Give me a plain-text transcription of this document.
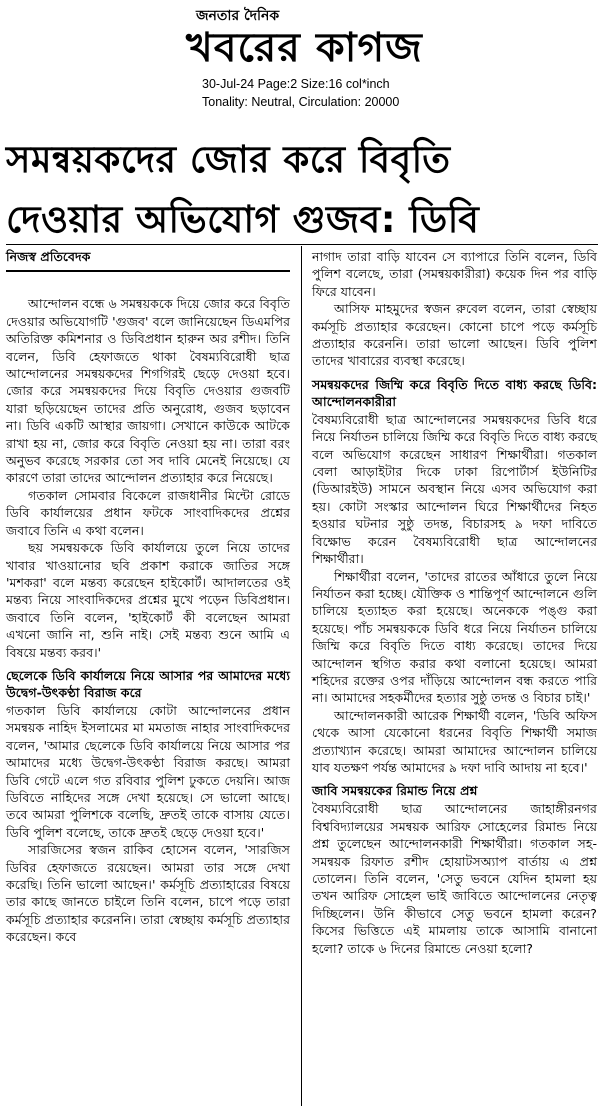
জনতার দৈনিক
খবরের কাগজ
30-Jul-24 Page:2 Size:16 col*inch
Tonality: Neutral, Circulation: 20000
সমন্বয়কদের জোর করে বিবৃতি
দেওয়ার অভিযোগ গুজব: ডিবি
নিজস্ব প্রতিবেদক

আন্দোলন বন্ধে ৬ সমন্বয়ককে দিয়ে জোর করে বিবৃতি দেওয়ার অভিযোগটি 'গুজব' বলে জানিয়েছেন ডিএমপির অতিরিক্ত কমিশনার ও ডিবিপ্রধান হারুন অর রশীদ। তিনি বলেন, ডিবি হেফাজতে থাকা বৈষম্যবিরোধী ছাত্র আন্দোলনের সমন্বয়কদের শিগগিরই ছেড়ে দেওয়া হবে। জোর করে সমন্বয়কদের দিয়ে বিবৃতি দেওয়ার গুজবটি যারা ছড়িয়েছেন তাদের প্রতি অনুরোধ, গুজব ছড়াবেন না। ডিবি একটি আস্থার জায়গা। সেখানে কাউকে আটকে রাখা হয় না, জোর করে বিবৃতি নেওয়া হয় না। তারা বরং অনুভব করেছে সরকার তো সব দাবি মেনেই নিয়েছে। যে কারণে তারা তাদের আন্দোলন প্রত্যাহার করে নিয়েছে।

গতকাল সোমবার বিকেলে রাজধানীর মিন্টো রোডে ডিবি কার্যালয়ের প্রধান ফটকে সাংবাদিকদের প্রশ্নের জবাবে তিনি এ কথা বলেন।

ছয় সমন্বয়ককে ডিবি কার্যালয়ে তুলে নিয়ে তাদের খাবার খাওয়ানোর ছবি প্রকাশ করাকে জাতির সঙ্গে 'মশকরা' বলে মন্তব্য করেছেন হাইকোর্ট। আদালতের ওই মন্তব্য নিয়ে সাংবাদিকদের প্রশ্নের মুখে পড়েন ডিবিপ্রধান। জবাবে তিনি বলেন, 'হাইকোর্ট কী বলেছেন আমরা এখনো জানি না, শুনি নাই। সেই মন্তব্য শুনে আমি এ বিষয়ে মন্তব্য করব।'

ছেলেকে ডিবি কার্যালয়ে নিয়ে আসার পর আমাদের মধ্যে উদ্বেগ-উৎকণ্ঠা বিরাজ করে

গতকাল ডিবি কার্যালয়ে কোটা আন্দোলনের প্রধান সমন্বয়ক নাহিদ ইসলামের মা মমতাজ নাহার সাংবাদিকদের বলেন, 'আমার ছেলেকে ডিবি কার্যালয়ে নিয়ে আসার পর আমাদের মধ্যে উদ্বেগ-উৎকণ্ঠা বিরাজ করছে। আমরা ডিবি গেটে এলে গত রবিবার পুলিশ ঢুকতে দেয়নি। আজ ডিবিতে নাহিদের সঙ্গে দেখা হয়েছে। সে ভালো আছে। তবে আমরা পুলিশকে বলেছি, দ্রুতই তাকে বাসায় যেতে। ডিবি পুলিশ বলেছে, তাকে দ্রুতই ছেড়ে দেওয়া হবে।'

সারজিসের স্বজন রাকিব হোসেন বলেন, 'সারজিস ডিবির হেফাজতে রয়েছেন। আমরা তার সঙ্গে দেখা করেছি। তিনি ভালো আছেন।' কর্মসূচি প্রত্যাহারের বিষয়ে তার কাছে জানতে চাইলে তিনি বলেন, চাপে পড়ে তারা কর্মসূচি প্রত্যাহার করেননি। তারা স্বেচ্ছায় কর্মসূচি প্রত্যাহার করেছেন। কবে

নাগাদ তারা বাড়ি যাবেন সে ব্যাপারে তিনি বলেন, ডিবি পুলিশ বলেছে, তারা (সমন্বয়কারীরা) কয়েক দিন পর বাড়ি ফিরে যাবেন।

আসিফ মাহমুদের স্বজন রুবেল বলেন, তারা স্বেচ্ছায় কর্মসূচি প্রত্যাহার করেছেন। কোনো চাপে পড়ে কর্মসূচি প্রত্যাহার করেননি। তারা ভালো আছেন। ডিবি পুলিশ তাদের খাবারের ব্যবস্থা করেছে।

সমন্বয়কদের জিম্মি করে বিবৃতি দিতে বাধ্য করছে ডিবি: আন্দোলনকারীরা

বৈষম্যবিরোধী ছাত্র আন্দোলনের সমন্বয়কদের ডিবি ধরে নিয়ে নির্যাতন চালিয়ে জিম্মি করে বিবৃতি দিতে বাধ্য করছে বলে অভিযোগ করেছেন সাধারণ শিক্ষার্থীরা। গতকাল বেলা আড়াইটার দিকে ঢাকা রিপোর্টার্স ইউনিটির (ডিআরইউ) সামনে অবস্থান নিয়ে এসব অভিযোগ করা হয়। কোটা সংস্কার আন্দোলন ঘিরে শিক্ষার্থীদের নিহত হওয়ার ঘটনার সুষ্ঠু তদন্ত, বিচারসহ ৯ দফা দাবিতে বিক্ষোভ করেন বৈষম্যবিরোধী ছাত্র আন্দোলনের শিক্ষার্থীরা।

শিক্ষার্থীরা বলেন, 'তাদের রাতের আঁধারে তুলে নিয়ে নির্যাতন করা হচ্ছে। যৌক্তিক ও শান্তিপূর্ণ আন্দোলনে গুলি চালিয়ে হত্যাহত করা হয়েছে। অনেককে পঙ্গু করা হয়েছে। পাঁচ সমন্বয়ককে ডিবি ধরে নিয়ে নির্যাতন চালিয়ে জিম্মি করে বিবৃতি দিতে বাধ্য করেছে। তাদের দিয়ে আন্দোলন স্থগিত করার কথা বলানো হয়েছে। আমরা শহিদের রক্তের ওপর দাঁড়িয়ে আন্দোলন বন্ধ করতে পারি না। আমাদের সহকর্মীদের হত্যার সুষ্ঠু তদন্ত ও বিচার চাই।'

আন্দোলনকারী আরেক শিক্ষার্থী বলেন, 'ডিবি অফিস থেকে আসা যেকোনো ধরনের বিবৃতি শিক্ষার্থী সমাজ প্রত্যাখ্যান করেছে। আমরা আমাদের আন্দোলন চালিয়ে যাব যতক্ষণ পর্যন্ত আমাদের ৯ দফা দাবি আদায় না হবে।'

জাবি সমন্বয়কের রিমান্ড নিয়ে প্রশ্ন

বৈষম্যবিরোধী ছাত্র আন্দোলনের জাহাঙ্গীরনগর বিশ্ববিদ্যালয়ের সমন্বয়ক আরিফ সোহেলের রিমান্ড নিয়ে প্রশ্ন তুলেছেন আন্দোলনকারী শিক্ষার্থীরা। গতকাল সহ-সমন্বয়ক রিফাত রশীদ হোয়াটসঅ্যাপ বার্তায় এ প্রশ্ন তোলেন। তিনি বলেন, 'সেতু ভবনে যেদিন হামলা হয় তখন আরিফ সোহেল ভাই জাবিতে আন্দোলনের নেতৃত্ব দিচ্ছিলেন। উনি কীভাবে সেতু ভবনে হামলা করেন? কিসের ভিত্তিতে এই মামলায় তাকে আসামি বানানো হলো? তাকে ৬ দিনের রিমান্ডে নেওয়া হলো?
